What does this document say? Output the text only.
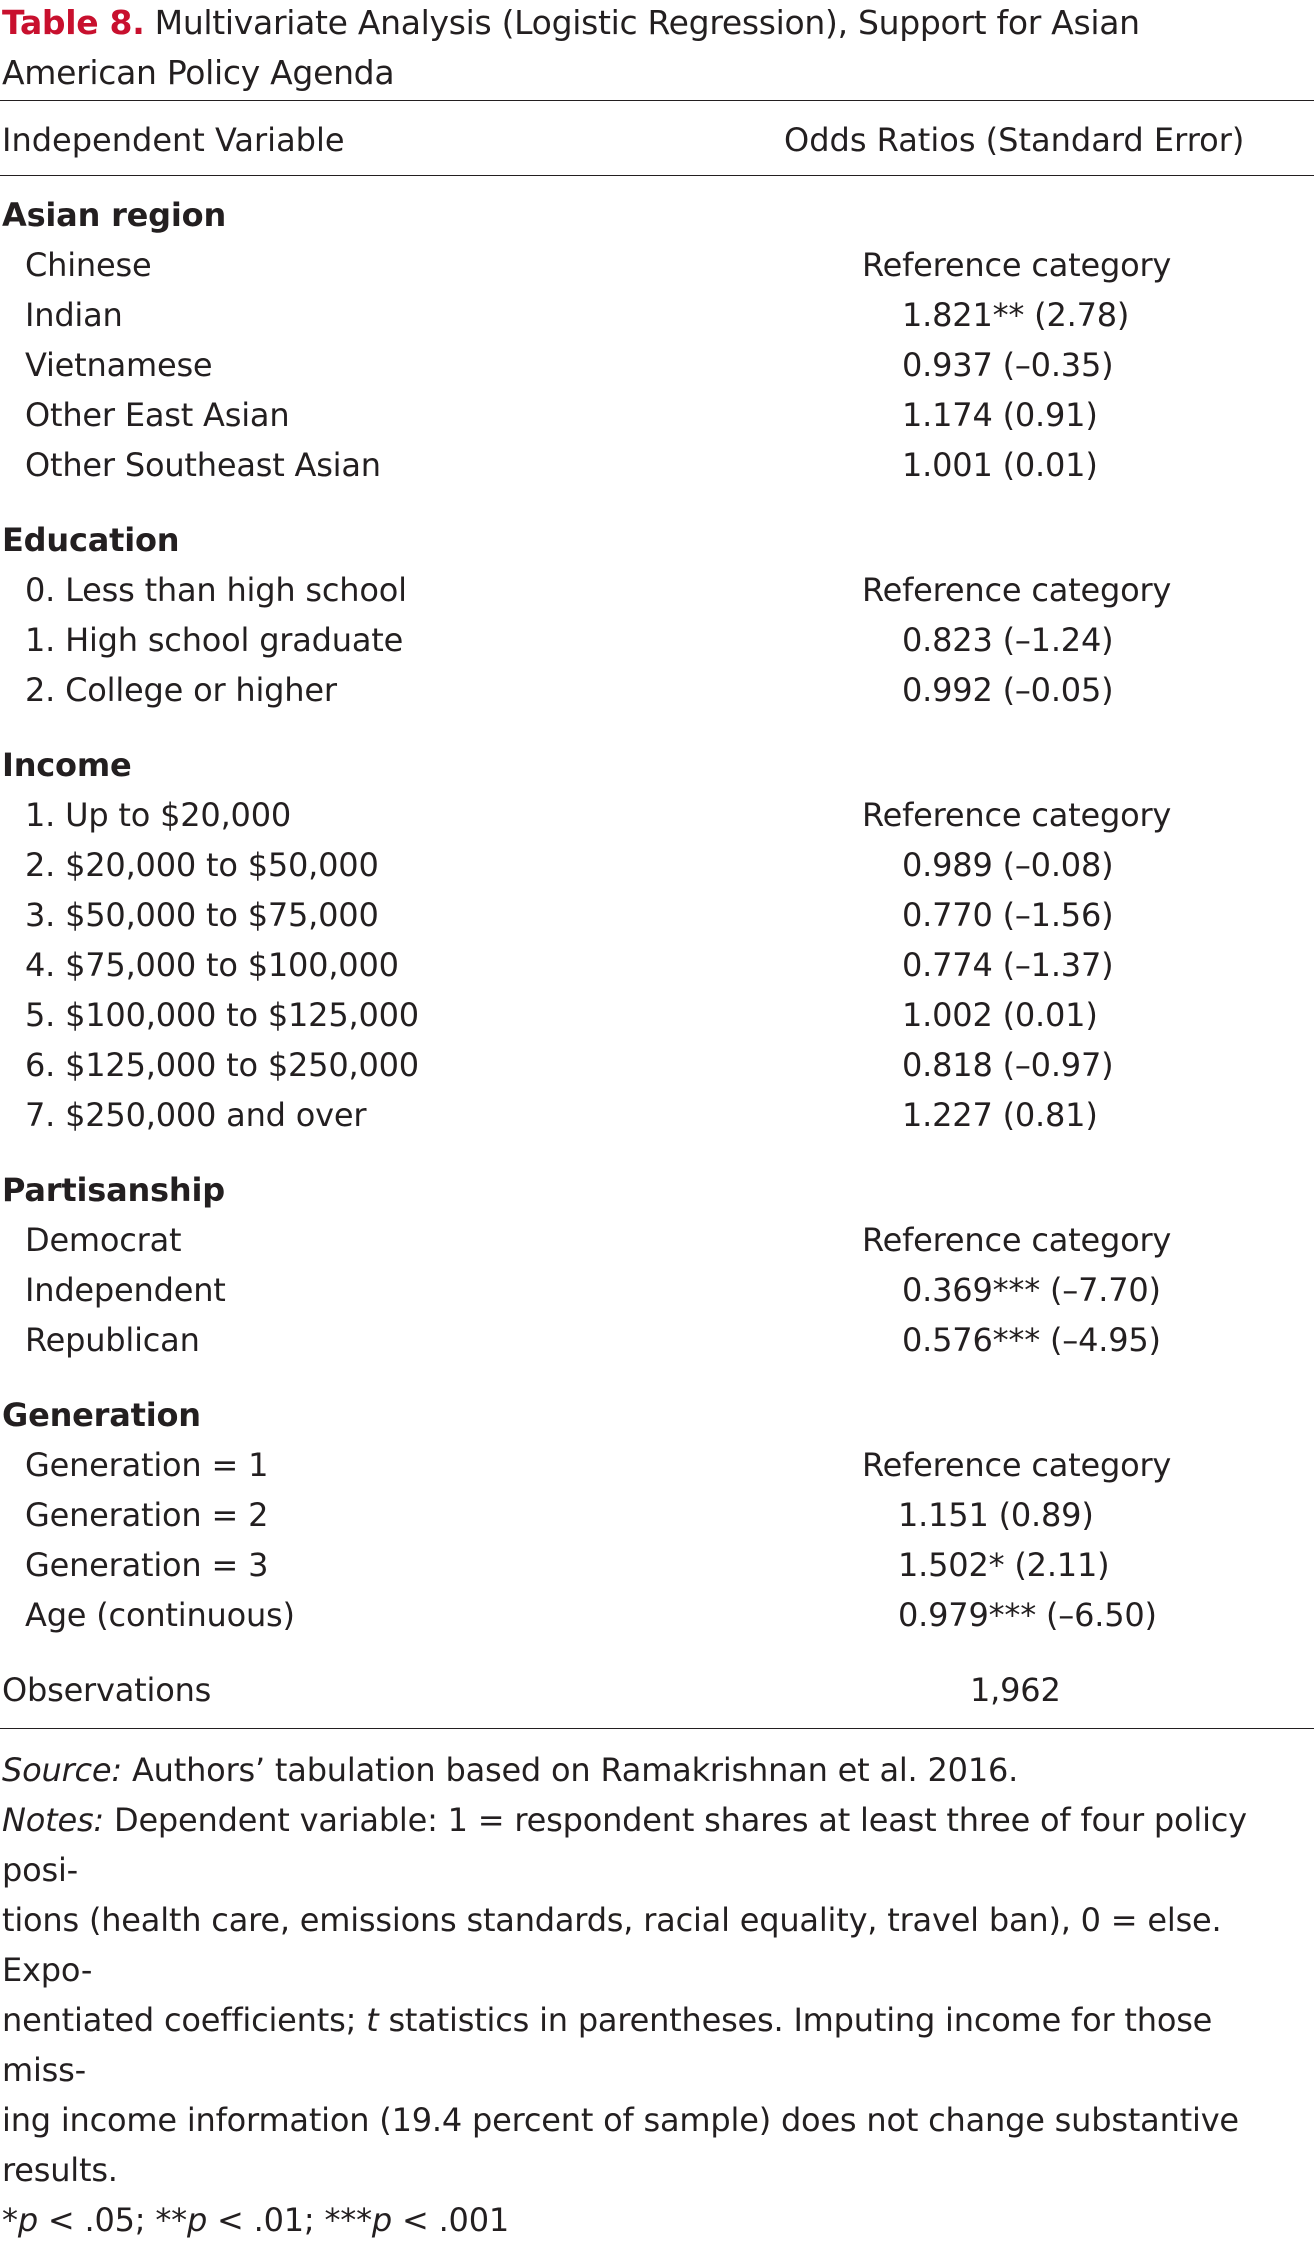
Table 8. Multivariate Analysis (Logistic Regression), Support for Asian American Policy Agenda
Independent Variable	Odds Ratios (Standard Error)
Asian region
Chinese	Reference category
Indian	1.821** (2.78)
Vietnamese	0.937 (–0.35)
Other East Asian	1.174 (0.91)
Other Southeast Asian	1.001 (0.01)
Education
0. Less than high school	Reference category
1. High school graduate	0.823 (–1.24)
2. College or higher	0.992 (–0.05)
Income
1. Up to $20,000	Reference category
2. $20,000 to $50,000	0.989 (–0.08)
3. $50,000 to $75,000	0.770 (–1.56)
4. $75,000 to $100,000	0.774 (–1.37)
5. $100,000 to $125,000	1.002 (0.01)
6. $125,000 to $250,000	0.818 (–0.97)
7. $250,000 and over	1.227 (0.81)
Partisanship
Democrat	Reference category
Independent	0.369*** (–7.70)
Republican	0.576*** (–4.95)
Generation
Generation = 1	Reference category
Generation = 2	1.151 (0.89)
Generation = 3	1.502* (2.11)
Age (continuous)	0.979*** (–6.50)
Observations	1,962

Source: Authors’ tabulation based on Ramakrishnan et al. 2016.

Notes: Dependent variable: 1 = respondent shares at least three of four policy posi-

tions (health care, emissions standards, racial equality, travel ban), 0 = else. Expo-

nentiated coefficients; t statistics in parentheses. Imputing income for those miss-

ing income information (19.4 percent of sample) does not change substantive

results.

*p < .05; **p < .01; ***p < .001
